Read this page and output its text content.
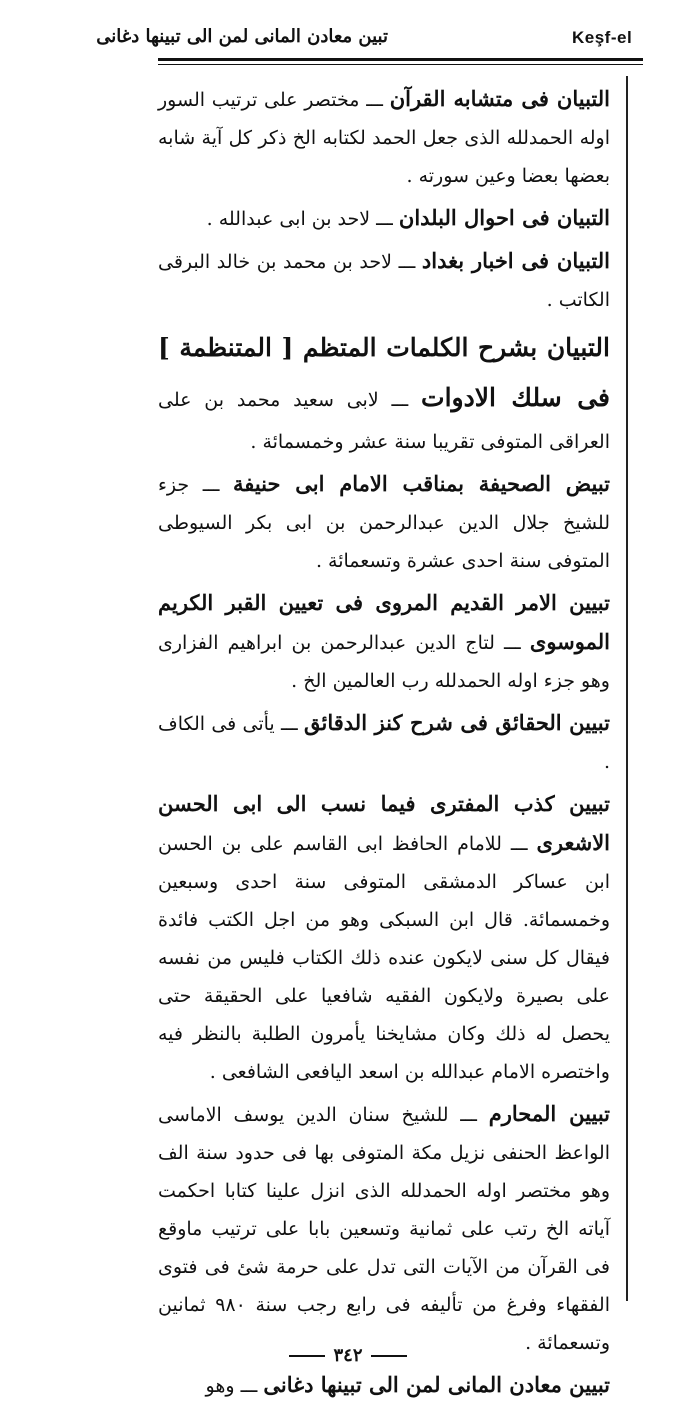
تبين معادن المانى لمن الى تبينها دغانى	Keşf-el

التبيان فى متشابه القرآن ـــ مختصر على ترتيب السور اوله الحمدلله الذى جعل الحمد لكتابه الخ ذكر كل آية شابه بعضها بعضا وعين سورته .

التبيان فى احوال البلدان ـــ لاحد بن ابى عبدالله .

التبيان فى اخبار بغداد ـــ لاحد بن محمد بن خالد البرقى الكاتب .

التبيان بشرح الكلمات المتظم [ المتنظمة ] فى سلك الادوات ـــ لابى سعيد محمد بن على العراقى المتوفى تقريبا سنة عشر وخمسمائة .

تبيض الصحيفة بمناقب الامام ابى حنيفة ـــ جزء للشيخ جلال الدين عبدالرحمن بن ابى بكر السيوطى المتوفى سنة احدى عشرة وتسعمائة .

تبيين الامر القديم المروى فى تعيين القبر الكريم الموسوى ـــ لتاج الدين عبدالرحمن بن ابراهيم الفزارى وهو جزء اوله الحمدلله رب العالمين الخ .

تبيين الحقائق فى شرح كنز الدقائق ـــ يأتى فى الكاف .

تبيين كذب المفترى فيما نسب الى ابى الحسن الاشعرى ـــ للامام الحافظ ابى القاسم على بن الحسن ابن عساكر الدمشقى المتوفى سنة احدى وسبعين وخمسمائة. قال ابن السبكى وهو من اجل الكتب فائدة فيقال كل سنى لايكون عنده ذلك الكتاب فليس من نفسه على بصيرة ولايكون الفقيه شافعيا على الحقيقة حتى يحصل له ذلك وكان مشايخنا يأمرون الطلبة بالنظر فيه واختصره الامام عبدالله بن اسعد اليافعى الشافعى .

تبيين المحارم ـــ للشيخ سنان الدين يوسف الاماسى الواعظ الحنفى نزيل مكة المتوفى بها فى حدود سنة الف وهو مختصر اوله الحمدلله الذى انزل علينا كتابا احكمت آياته الخ رتب على ثمانية وتسعين بابا على ترتيب ماوقع فى القرآن من الآيات التى تدل على حرمة شئ فى فتوى الفقهاء وفرغ من تأليفه فى رابع رجب سنة ٩٨٠ ثمانين وتسعمائة .

تبيين معادن المانى لمن الى تبينها دغانى ـــ وهو

٣٤٢
